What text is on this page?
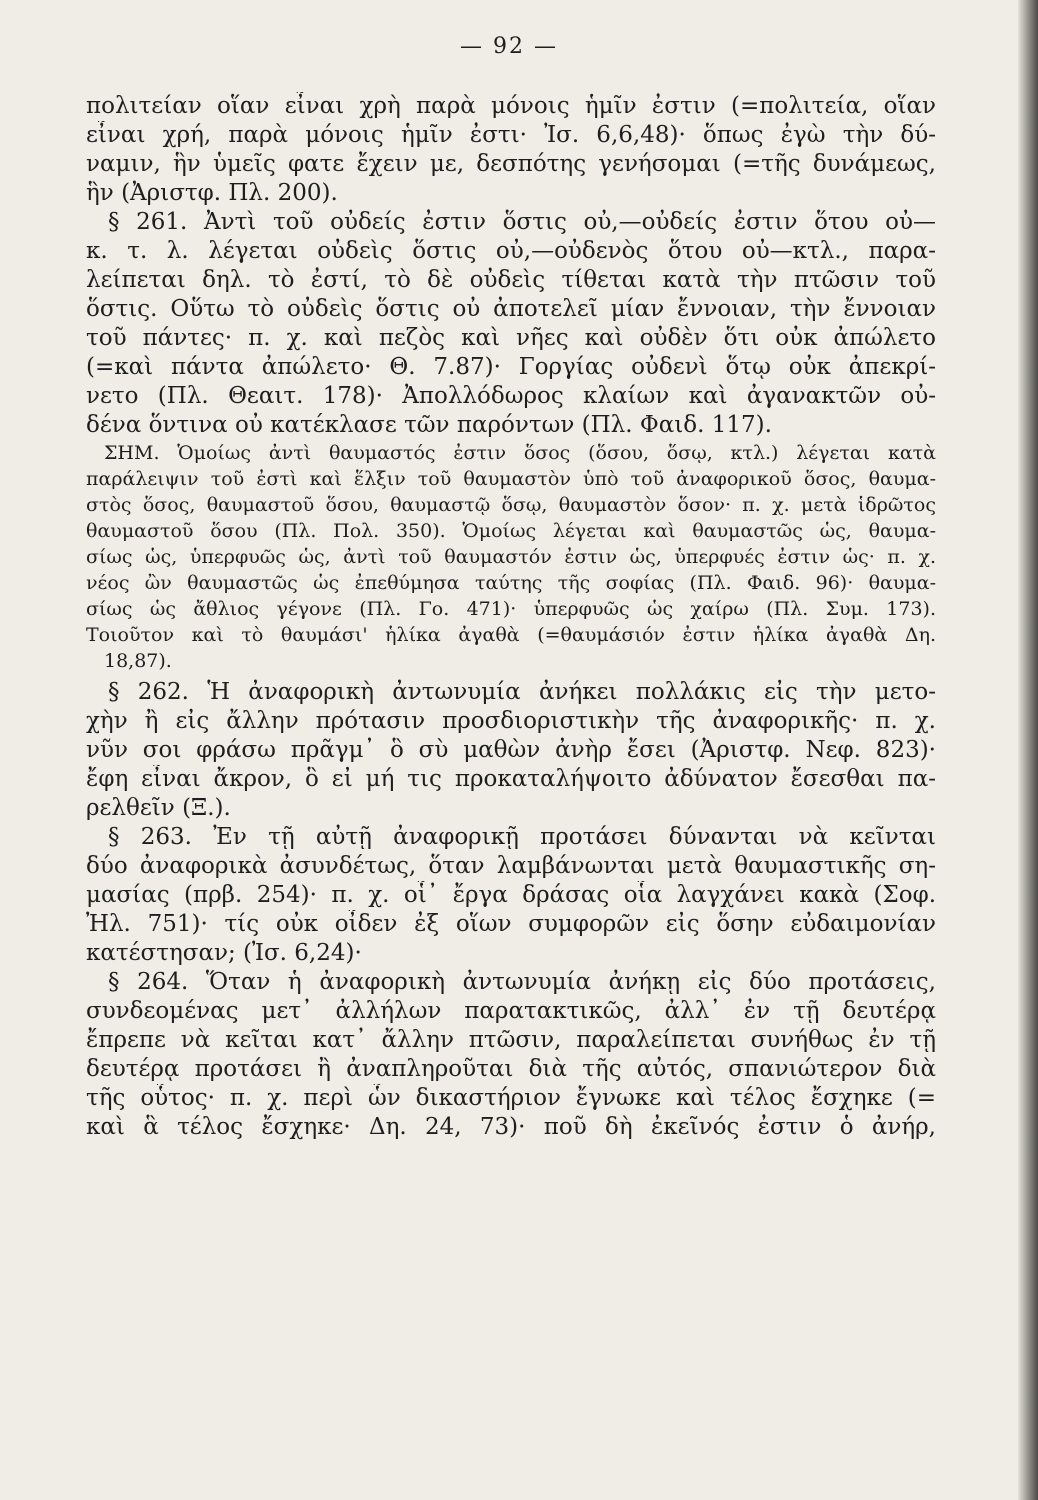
— 92 —
πολιτείαν οἵαν εἶναι χρὴ παρὰ μόνοις ἡμῖν ἐστιν (=πολιτεία, οἵαν
εἶναι χρή, παρὰ μόνοις ἡμῖν ἐστι· Ἰσ. 6,6,48)· ὅπως ἐγὼ τὴν δύ-
ναμιν, ἣν ὑμεῖς φατε ἔχειν με, δεσπότης γενήσομαι (=τῆς δυνάμεως,
ἣν (Ἀριστφ. Πλ. 200).
§ 261. Ἀντὶ τοῦ οὐδείς ἐστιν ὅστις οὐ,—οὐδείς ἐστιν ὅτου οὐ—
κ. τ. λ. λέγεται οὐδεὶς ὅστις οὐ,—οὐδενὸς ὅτου οὐ—κτλ., παρα-
λείπεται δηλ. τὸ ἐστί, τὸ δὲ οὐδεὶς τίθεται κατὰ τὴν πτῶσιν τοῦ
ὅστις. Οὕτω τὸ οὐδεὶς ὅστις οὐ ἀποτελεῖ μίαν ἔννοιαν, τὴν ἔννοιαν
τοῦ πάντες· π. χ. καὶ πεζὸς καὶ νῆες καὶ οὐδὲν ὅτι οὐκ ἀπώλετο
(=καὶ πάντα ἀπώλετο· Θ. 7.87)· Γοργίας οὐδενὶ ὅτῳ οὐκ ἀπεκρί-
νετο (Πλ. Θεαιτ. 178)· Ἀπολλόδωρος κλαίων καὶ ἀγανακτῶν οὐ-
δένα ὅντινα οὐ κατέκλασε τῶν παρόντων (Πλ. Φαιδ. 117).
ΣΗΜ. Ὁμοίως ἀντὶ θαυμαστός ἐστιν ὅσος (ὅσου, ὅσῳ, κτλ.) λέγεται κατὰ
παράλειψιν τοῦ ἐστὶ καὶ ἕλξιν τοῦ θαυμαστὸν ὑπὸ τοῦ ἀναφορικοῦ ὅσος, θαυμα-
στὸς ὅσος, θαυμαστοῦ ὅσου, θαυμαστῷ ὅσῳ, θαυμαστὸν ὅσον· π. χ. μετὰ ἱδρῶτος
θαυμαστοῦ ὅσου (Πλ. Πολ. 350). Ὁμοίως λέγεται καὶ θαυμαστῶς ὡς, θαυμα-
σίως ὡς, ὑπερφυῶς ὡς, ἀντὶ τοῦ θαυμαστόν ἐστιν ὡς, ὑπερφυές ἐστιν ὡς· π. χ.
νέος ὢν θαυμαστῶς ὡς ἐπεθύμησα ταύτης τῆς σοφίας (Πλ. Φαιδ. 96)· θαυμα-
σίως ὡς ἄθλιος γέγονε (Πλ. Γο. 471)· ὑπερφυῶς ὡς χαίρω (Πλ. Συμ. 173).
Τοιοῦτον καὶ τὸ θαυμάσι' ἡλίκα ἀγαθὰ (=θαυμάσιόν ἐστιν ἡλίκα ἀγαθὰ Δη.
18,87).
§ 262. Ἡ ἀναφορικὴ ἀντωνυμία ἀνήκει πολλάκις εἰς τὴν μετο-
χὴν ἢ εἰς ἄλλην πρότασιν προσδιοριστικὴν τῆς ἀναφορικῆς· π. χ.
νῦν σοι φράσω πρᾶγμ᾽ ὃ σὺ μαθὼν ἀνὴρ ἔσει (Ἀριστφ. Νεφ. 823)·
ἔφη εἶναι ἄκρον, ὃ εἰ μή τις προκαταλήψοιτο ἀδύνατον ἔσεσθαι πα-
ρελθεῖν (Ξ.).
§ 263. Ἐν τῇ αὐτῇ ἀναφορικῇ προτάσει δύνανται νὰ κεῖνται
δύο ἀναφορικὰ ἀσυνδέτως, ὅταν λαμβάνωνται μετὰ θαυμαστικῆς ση-
μασίας (πρβ. 254)· π. χ. οἷ᾽ ἔργα δράσας οἷα λαγχάνει κακὰ (Σοφ.
Ἠλ. 751)· τίς οὐκ οἶδεν ἐξ οἵων συμφορῶν εἰς ὅσην εὐδαιμονίαν
κατέστησαν; (Ἰσ. 6,24)·
§ 264. Ὅταν ἡ ἀναφορικὴ ἀντωνυμία ἀνήκῃ εἰς δύο προτάσεις,
συνδεομένας μετ᾽ ἀλλήλων παρατακτικῶς, ἀλλ᾽ ἐν τῇ δευτέρᾳ
ἔπρεπε νὰ κεῖται κατ᾽ ἄλλην πτῶσιν, παραλείπεται συνήθως ἐν τῇ
δευτέρᾳ προτάσει ἢ ἀναπληροῦται διὰ τῆς αὐτός, σπανιώτερον διὰ
τῆς οὗτος· π. χ. περὶ ὧν δικαστήριον ἔγνωκε καὶ τέλος ἔσχηκε (=
καὶ ἃ τέλος ἔσχηκε· Δη. 24, 73)· ποῦ δὴ ἐκεῖνός ἐστιν ὁ ἀνήρ,
